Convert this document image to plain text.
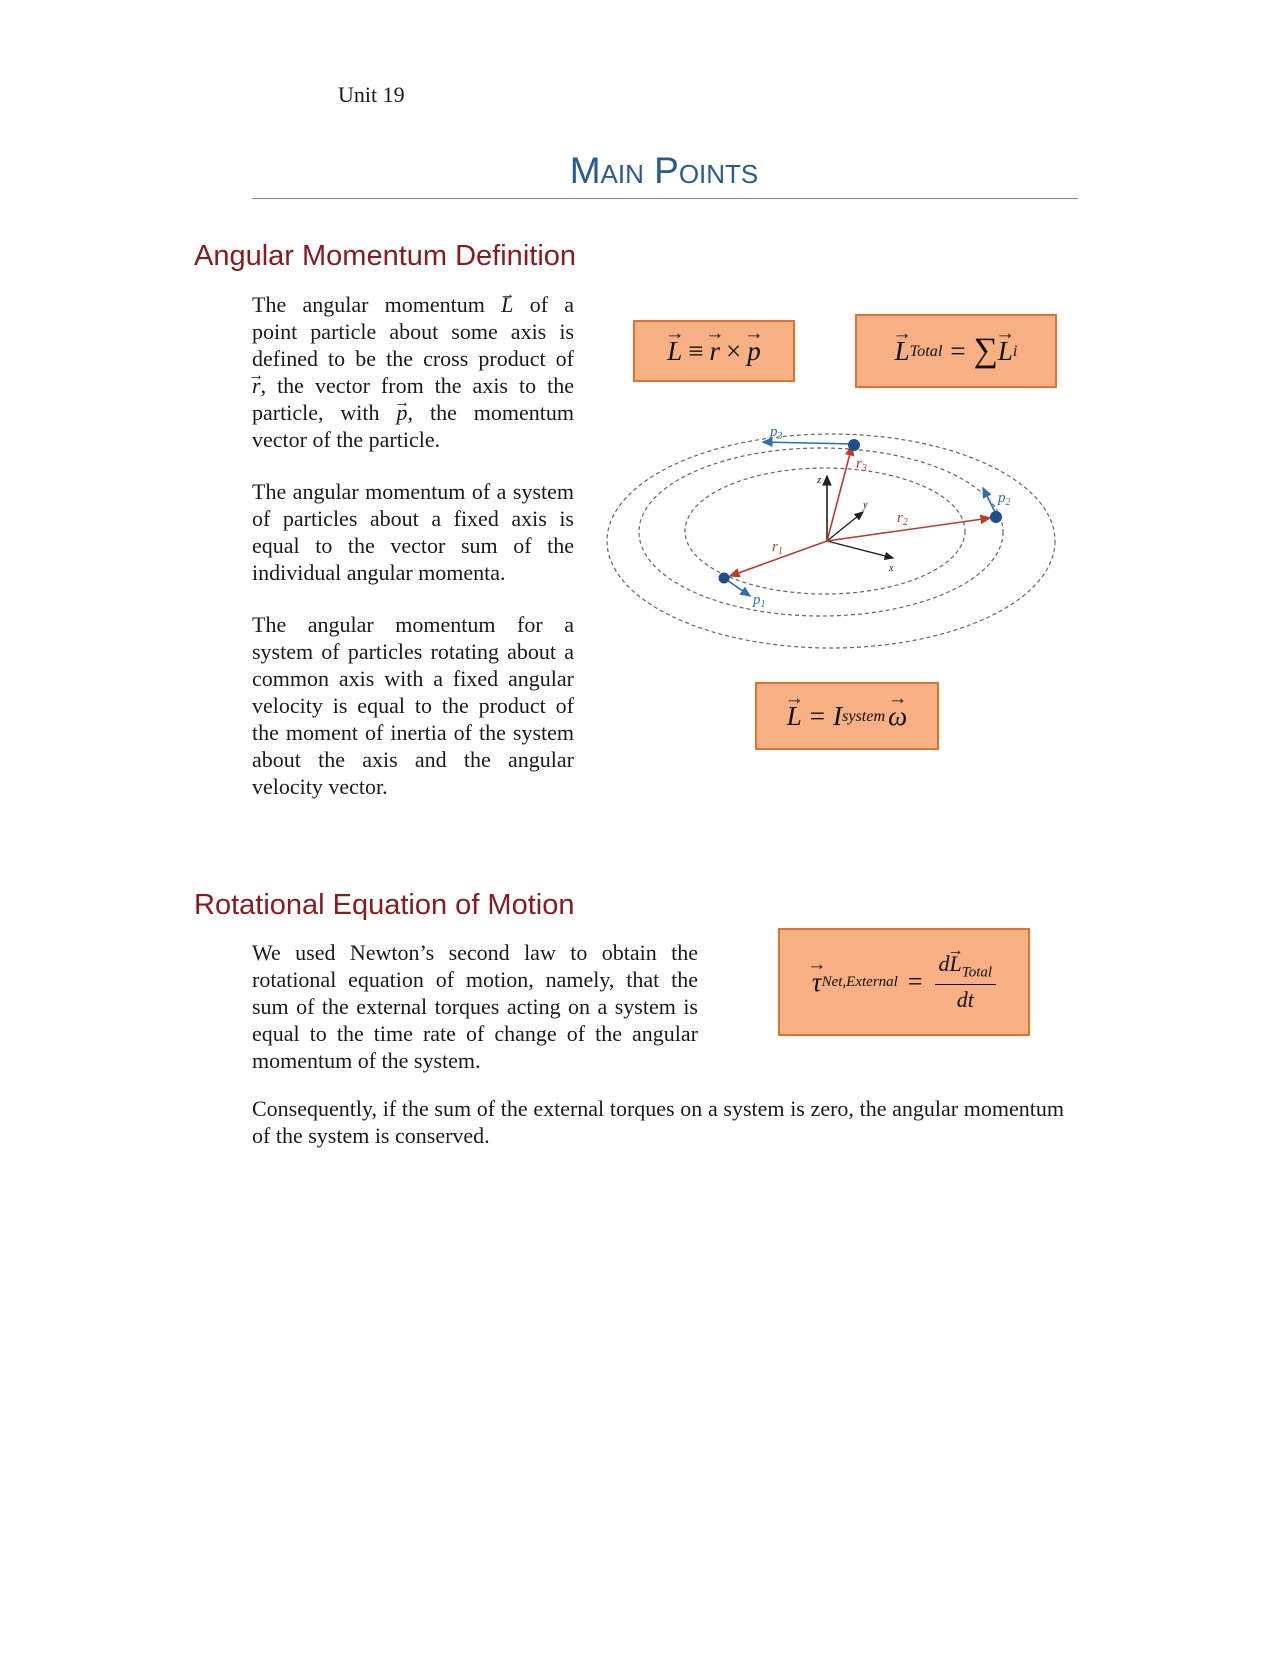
Unit 19
Main Points
Angular Momentum Definition
The angular momentum → L of a
point particle about some axis is
defined to be the cross product of
→ r, the vector from the axis to the
particle, with → p, the momentum
vector of the particle.
The angular momentum of a system of particles about a fixed axis is equal to the vector sum of the individual angular momenta.
The angular momentum for a system of particles rotating about a common axis with a fixed angular velocity is equal to the product of the moment of inertia of the system about the axis and the angular velocity vector.
→ L ≡ → r × → p	→ L Total = ∑ → L i
→ L = I system → ω
$p_3$
$r_3$
$p_2$
$r_2$
$r_1$
$p_1$
z
y
x
Rotational Equation of Motion
We used Newton’s second law to obtain the rotational equation of motion, namely, that the sum of the external torques acting on a system is equal to the time rate of change of the angular momentum of the system.
→ τ Net,External = $\frac{d\to L_{Total}}{dt}$
Consequently, if the sum of the external torques on a system is zero, the angular momentum of the system is conserved.
